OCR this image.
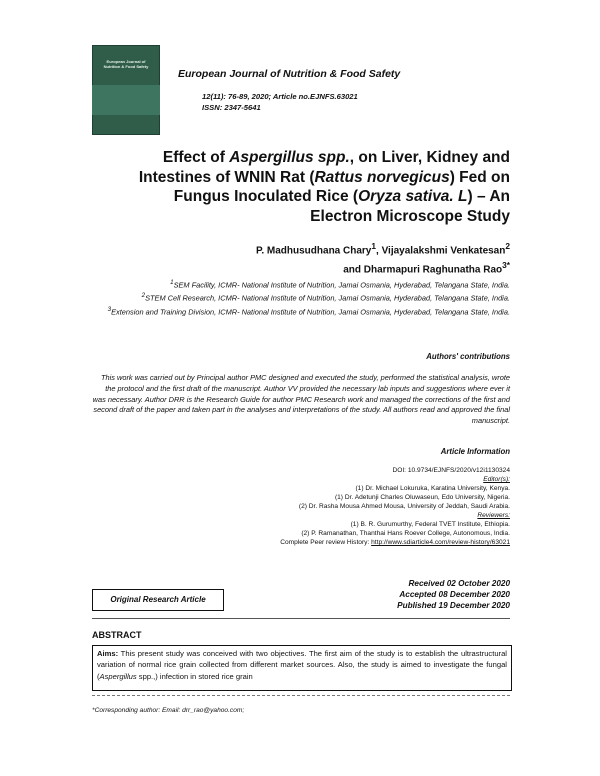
European Journal of Nutrition & Food Safety
European Journal of Nutrition & Food Safety
12(11): 76-89, 2020; Article no.EJNFS.63021
ISSN: 2347-5641
Effect of Aspergillus spp., on Liver, Kidney and
Intestines of WNIN Rat (Rattus norvegicus) Fed on
Fungus Inoculated Rice (Oryza sativa. L) – An
Electron Microscope Study
P. Madhusudhana Chary$^1$, Vijayalakshmi Venkatesan$^2$
and Dharmapuri Raghunatha Rao$^{3*}$
$^1$SEM Facility, ICMR- National Institute of Nutrition, Jamai Osmania, Hyderabad, Telangana State, India.
$^2$STEM Cell Research, ICMR- National Institute of Nutrition, Jamai Osmania, Hyderabad, Telangana State, India.
$^3$Extension and Training Division, ICMR- National Institute of Nutrition, Jamai Osmania, Hyderabad, Telangana State, India.
Authors' contributions
This work was carried out by Principal author PMC designed and executed the study, performed the statistical analysis, wrote the protocol and the first draft of the manuscript. Author VV provided the necessary lab inputs and suggestions where ever it was necessary. Author DRR is the Research Guide for author PMC Research work and managed the corrections of the first and second draft of the paper and taken part in the analyses and interpretations of the study. All authors read and approved the final manuscript.
Article Information
DOI: 10.9734/EJNFS/2020/v12i1130324
Editor(s):
(1) Dr. Michael Lokuruka, Karatina University, Kenya.
(1) Dr. Adetunji Charles Oluwaseun, Edo University, Nigeria.
(2) Dr. Rasha Mousa Ahmed Mousa, University of Jeddah, Saudi Arabia.
Reviewers:
(1) B. R. Gurumurthy, Federal TVET Institute, Ethiopia.
(2) P. Ramanathan, Thanthai Hans Roever College, Autonomous, India.
Complete Peer review History: http://www.sdiarticle4.com/review-history/63021
Received 02 October 2020
Accepted 08 December 2020
Published 19 December 2020
Original Research Article
ABSTRACT
Aims: This present study was conceived with two objectives. The first aim of the study is to establish the ultrastructural variation of normal rice grain collected from different market sources. Also, the study is aimed to investigate the fungal (Aspergillus spp.,) infection in stored rice grain
*Corresponding author: Email: drr_rao@yahoo.com;
